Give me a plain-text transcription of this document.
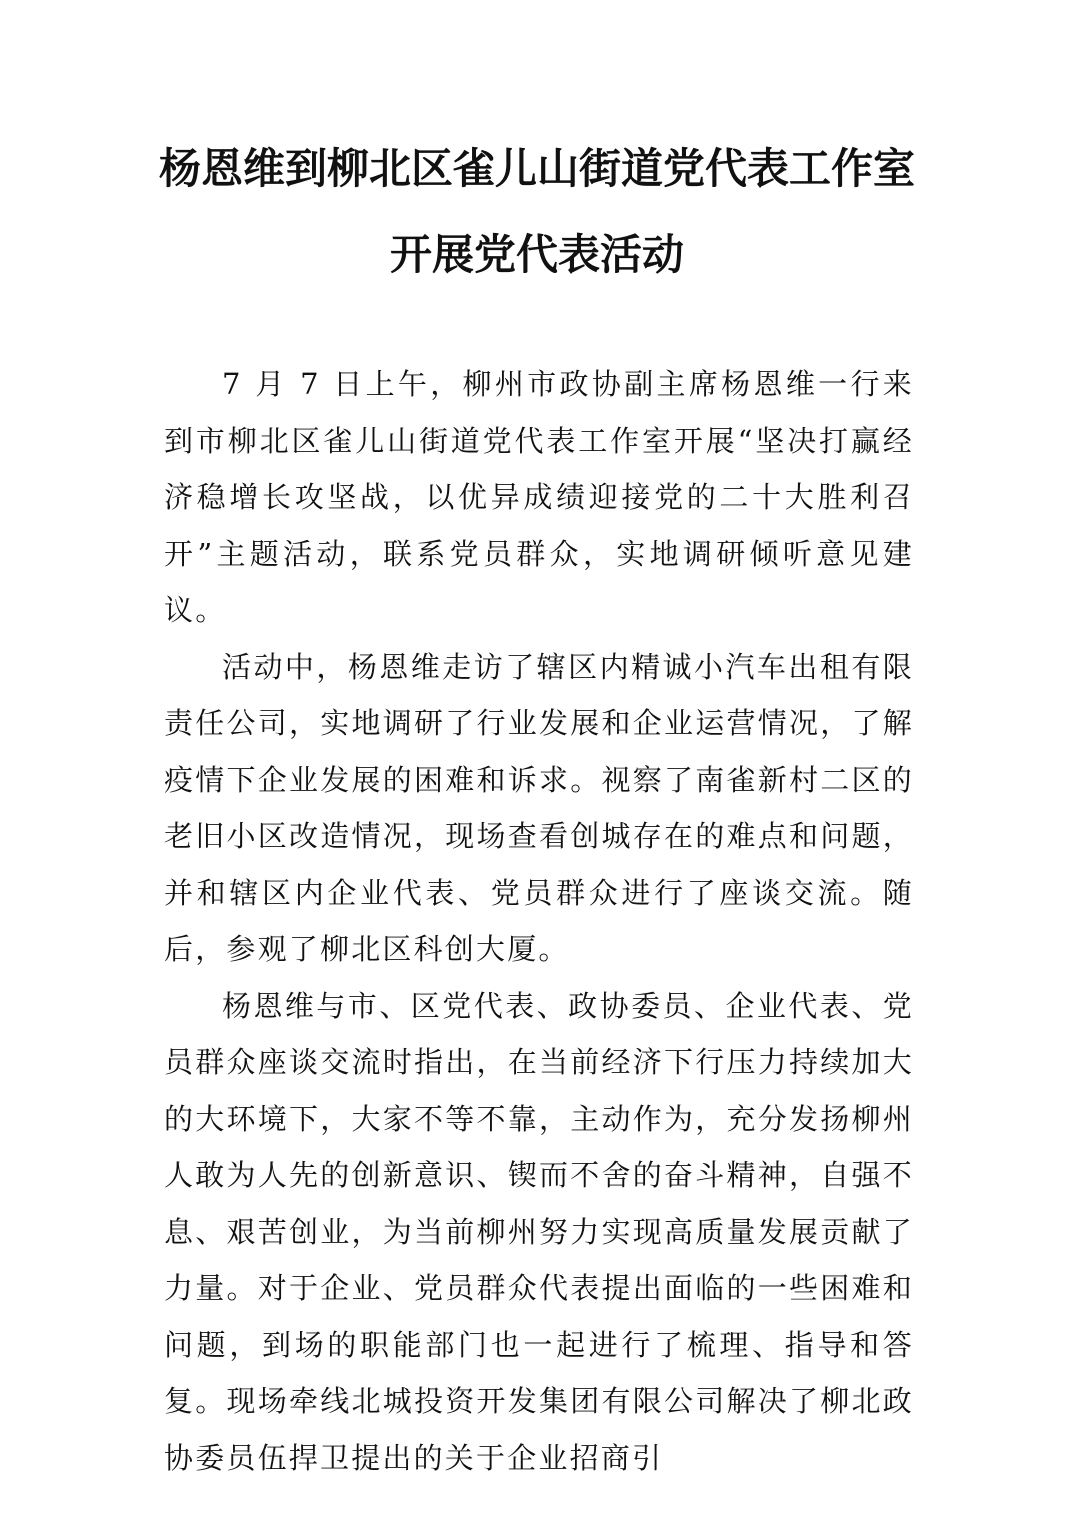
杨恩维到柳北区雀儿山街道党代表工作室
开展党代表活动

7 月 7 日上午，柳州市政协副主席杨恩维一行来到市柳北区雀儿山街道党代表工作室开展“坚决打赢经济稳增长攻坚战，以优异成绩迎接党的二十大胜利召开”主题活动，联系党员群众，实地调研倾听意见建议。

活动中，杨恩维走访了辖区内精诚小汽车出租有限责任公司，实地调研了行业发展和企业运营情况，了解疫情下企业发展的困难和诉求。视察了南雀新村二区的老旧小区改造情况，现场查看创城存在的难点和问题，并和辖区内企业代表、党员群众进行了座谈交流。随后，参观了柳北区科创大厦。

杨恩维与市、区党代表、政协委员、企业代表、党员群众座谈交流时指出，在当前经济下行压力持续加大的大环境下，大家不等不靠，主动作为，充分发扬柳州人敢为人先的创新意识、锲而不舍的奋斗精神，自强不息、艰苦创业，为当前柳州努力实现高质量发展贡献了力量。对于企业、党员群众代表提出面临的一些困难和问题，到场的职能部门也一起进行了梳理、指导和答复。现场牵线北城投资开发集团有限公司解决了柳北政协委员伍捍卫提出的关于企业招商引
